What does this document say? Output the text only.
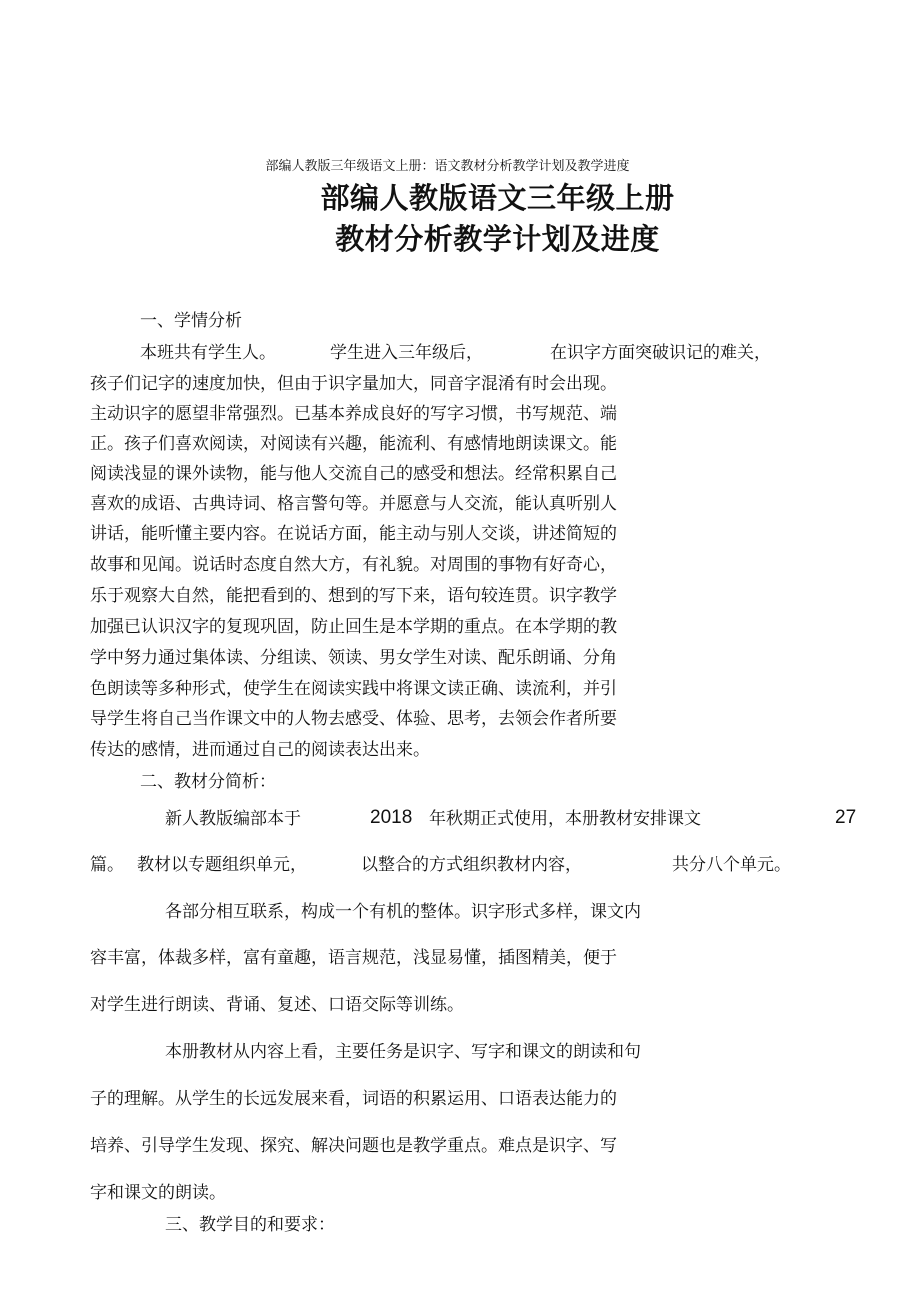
部编人教版三年级语文上册：语文教材分析教学计划及教学进度
部编人教版语文三年级上册
教材分析教学计划及进度
一、学情分析
本班共有学生人。	学生进入三年级后，	在识字方面突破识记的难关，
孩子们记字的速度加快，但由于识字量加大，同音字混淆有时会出现。
主动识字的愿望非常强烈。已基本养成良好的写字习惯，书写规范、端
正。孩子们喜欢阅读，对阅读有兴趣，能流利、有感情地朗读课文。能
阅读浅显的课外读物，能与他人交流自己的感受和想法。经常积累自己
喜欢的成语、古典诗词、格言警句等。并愿意与人交流，能认真听别人
讲话，能听懂主要内容。在说话方面，能主动与别人交谈，讲述简短的
故事和见闻。说话时态度自然大方，有礼貌。对周围的事物有好奇心，
乐于观察大自然，能把看到的、想到的写下来，语句较连贯。识字教学
加强已认识汉字的复现巩固，防止回生是本学期的重点。在本学期的教
学中努力通过集体读、分组读、领读、男女学生对读、配乐朗诵、分角
色朗读等多种形式，使学生在阅读实践中将课文读正确、读流利，并引
导学生将自己当作课文中的人物去感受、体验、思考，去领会作者所要
传达的感情，进而通过自己的阅读表达出来。
二、教材分简析：
新人教版编部本于	2018 年秋期正式使用，本册教材安排课文	27
篇。 教材以专题组织单元，	以整合的方式组织教材内容，	共分八个单元。
各部分相互联系，构成一个有机的整体。识字形式多样，课文内
容丰富，体裁多样，富有童趣，语言规范，浅显易懂，插图精美，便于
对学生进行朗读、背诵、复述、口语交际等训练。
本册教材从内容上看，主要任务是识字、写字和课文的朗读和句
子的理解。从学生的长远发展来看，词语的积累运用、口语表达能力的
培养、引导学生发现、探究、解决问题也是教学重点。难点是识字、写
字和课文的朗读。
三、教学目的和要求：
